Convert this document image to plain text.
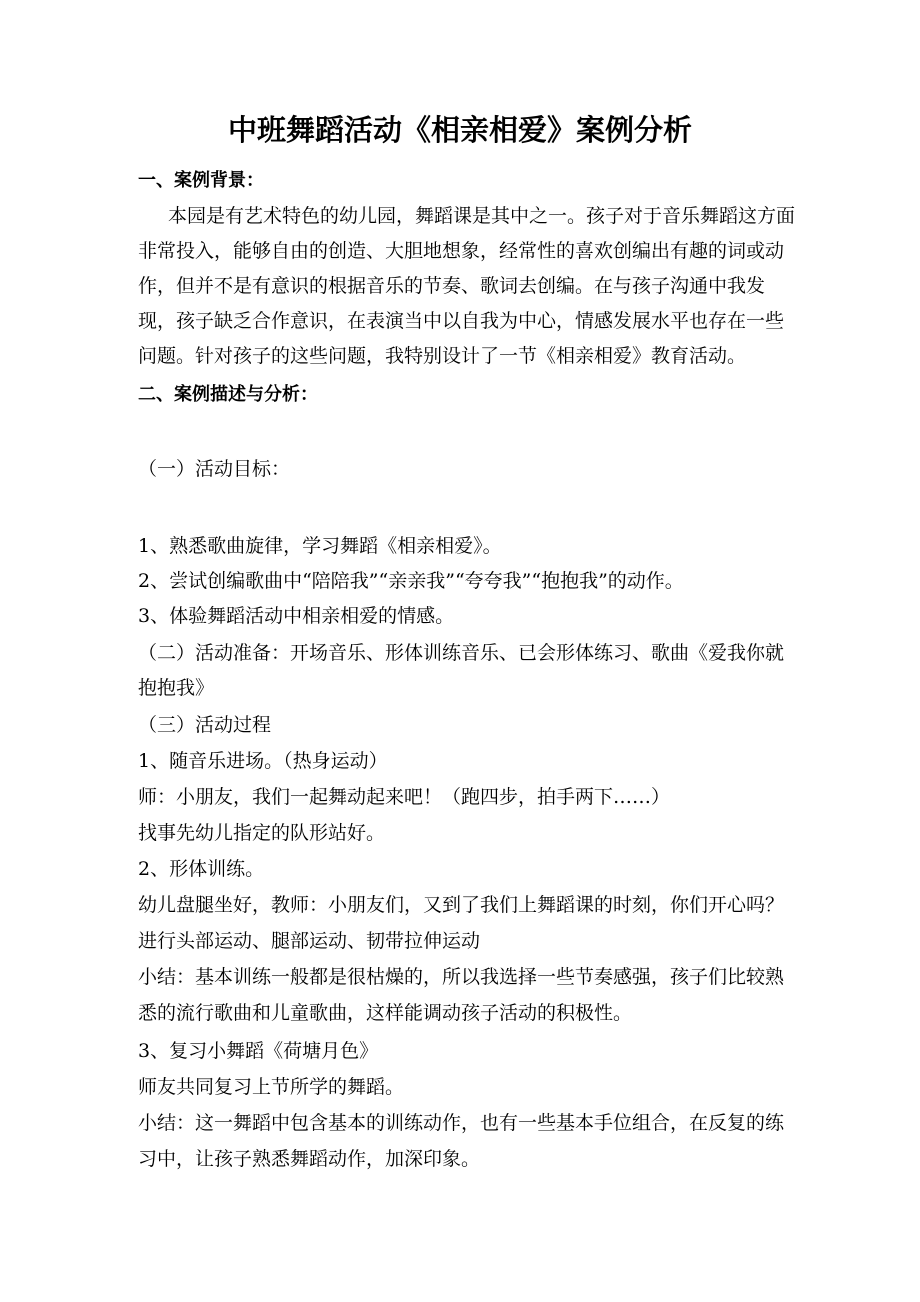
中班舞蹈活动《相亲相爱》案例分析

一、案例背景：

本园是有艺术特色的幼儿园，舞蹈课是其中之一。孩子对于音乐舞蹈这方面

非常投入，能够自由的创造、大胆地想象，经常性的喜欢创编出有趣的词或动

作，但并不是有意识的根据音乐的节奏、歌词去创编。在与孩子沟通中我发

现，孩子缺乏合作意识，在表演当中以自我为中心，情感发展水平也存在一些

问题。针对孩子的这些问题，我特别设计了一节《相亲相爱》教育活动。

二、案例描述与分析：

（一）活动目标：

1、熟悉歌曲旋律，学习舞蹈《相亲相爱》。

2、尝试创编歌曲中“陪陪我”“亲亲我”“夸夸我”“抱抱我”的动作。

3、体验舞蹈活动中相亲相爱的情感。

（二）活动准备：开场音乐、形体训练音乐、已会形体练习、歌曲《爱我你就

抱抱我》

（三）活动过程

1、随音乐进场。（热身运动）

师：小朋友，我们一起舞动起来吧！（跑四步，拍手两下……）

找事先幼儿指定的队形站好。

2、形体训练。

幼儿盘腿坐好，教师：小朋友们，又到了我们上舞蹈课的时刻，你们开心吗？

进行头部运动、腿部运动、韧带拉伸运动

小结：基本训练一般都是很枯燥的，所以我选择一些节奏感强，孩子们比较熟

悉的流行歌曲和儿童歌曲，这样能调动孩子活动的积极性。

3、复习小舞蹈《荷塘月色》

师友共同复习上节所学的舞蹈。

小结：这一舞蹈中包含基本的训练动作，也有一些基本手位组合，在反复的练

习中，让孩子熟悉舞蹈动作，加深印象。
